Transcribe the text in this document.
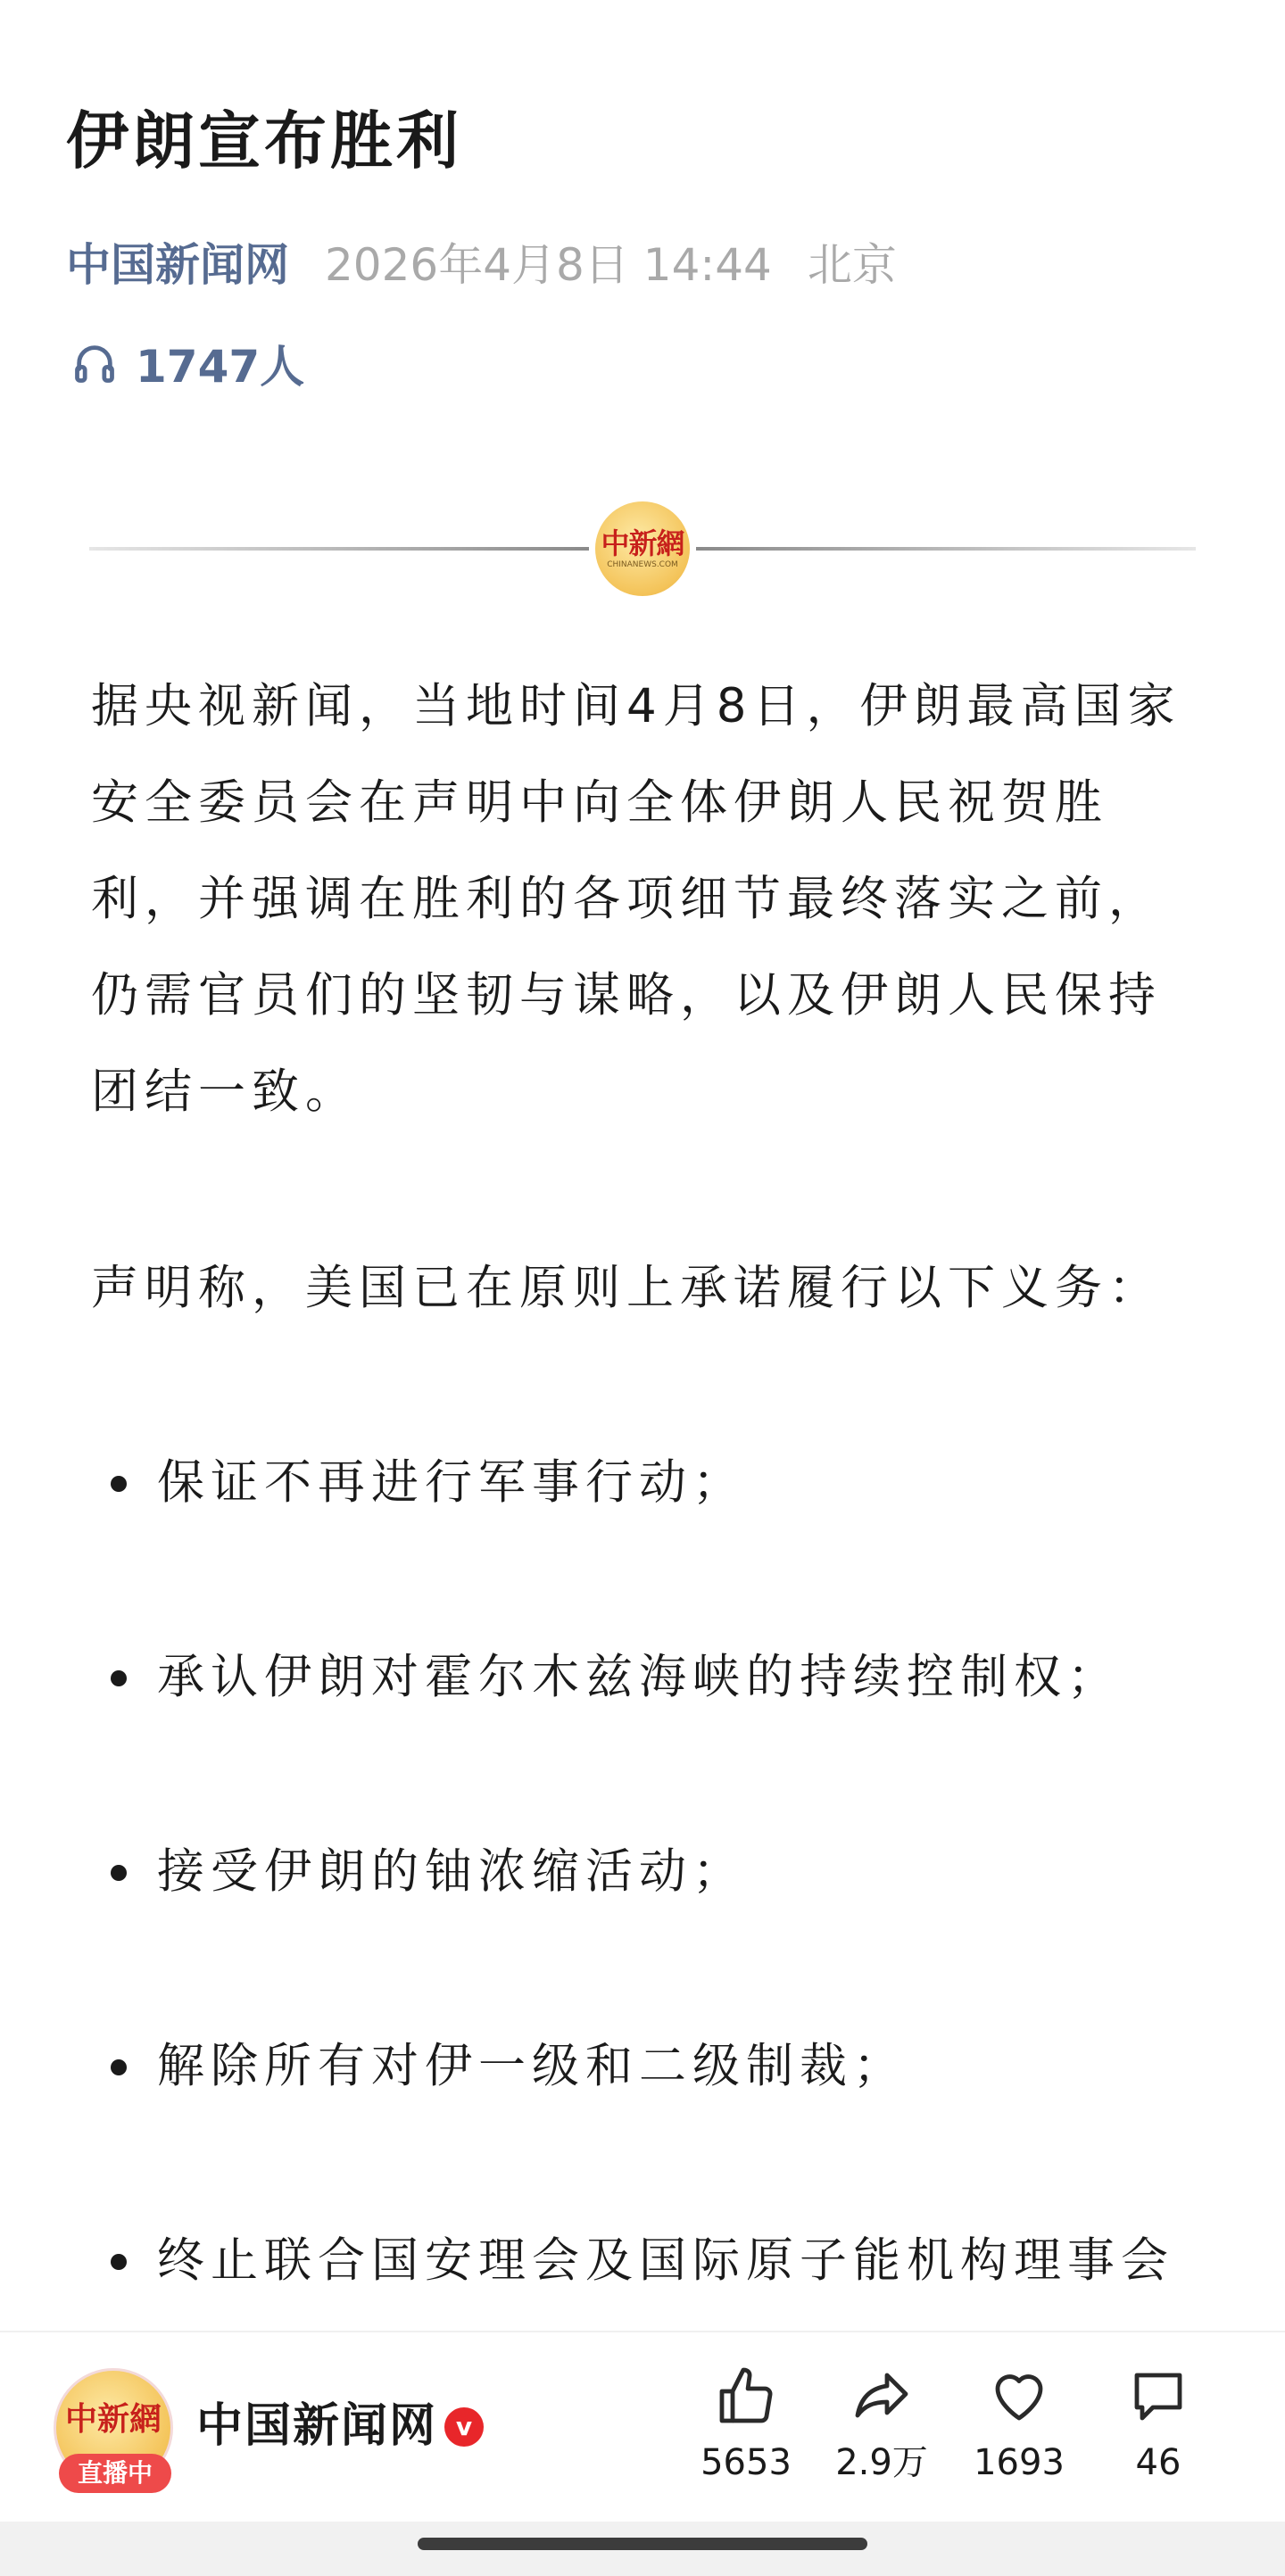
伊朗宣布胜利
中国新闻网 2026年4月8日 14:44 北京
1747人
中新網
CHINANEWS.COM

据央视新闻，当地时间4月8日，伊朗最高国家安全委员会在声明中向全体伊朗人民祝贺胜利，并强调在胜利的各项细节最终落实之前，仍需官员们的坚韧与谋略，以及伊朗人民保持团结一致。

声明称，美国已在原则上承诺履行以下义务：

保证不再进行军事行动；
承认伊朗对霍尔木兹海峡的持续控制权；
接受伊朗的铀浓缩活动；
解除所有对伊一级和二级制裁；
终止联合国安理会及国际原子能机构理事会
中新網
直播中
中国新闻网 v
5653	2.9万	1693	46
